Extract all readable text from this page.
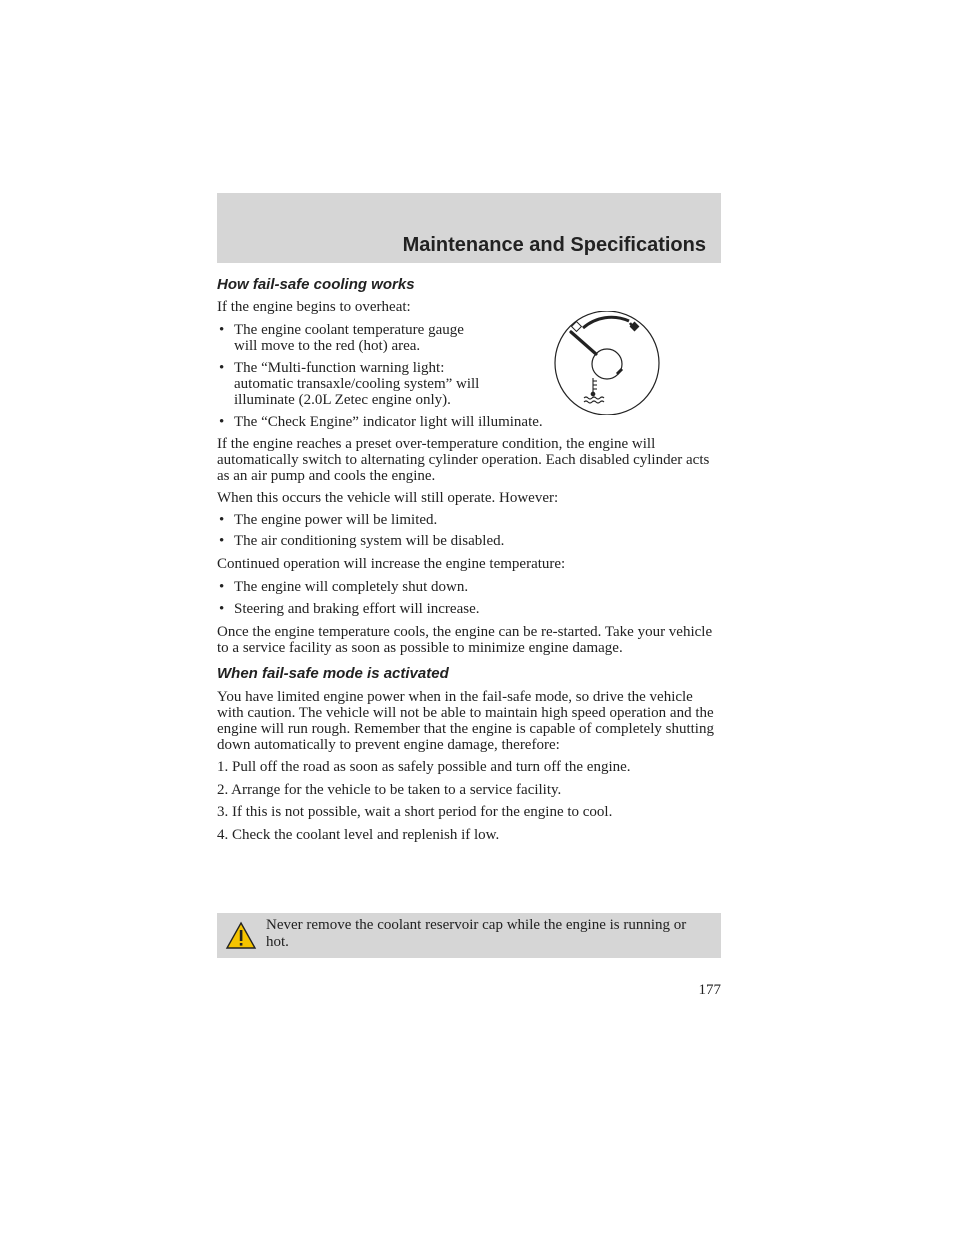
Maintenance and Specifications
How fail-safe cooling works

If the engine begins to overheat:

• The engine coolant temperature gauge will move to the red (hot) area.
• The “Multi-function warning light: automatic transaxle/cooling system” will illuminate (2.0L Zetec engine only).
• The “Check Engine” indicator light will illuminate.

If the engine reaches a preset over-temperature condition, the engine will automatically switch to alternating cylinder operation. Each disabled cylinder acts as an air pump and cools the engine.

When this occurs the vehicle will still operate. However:

• The engine power will be limited.
• The air conditioning system will be disabled.

Continued operation will increase the engine temperature:

• The engine will completely shut down.
• Steering and braking effort will increase.

Once the engine temperature cools, the engine can be re-started. Take your vehicle to a service facility as soon as possible to minimize engine damage.

When fail-safe mode is activated

You have limited engine power when in the fail-safe mode, so drive the vehicle with caution. The vehicle will not be able to maintain high speed operation and the engine will run rough. Remember that the engine is capable of completely shutting down automatically to prevent engine damage, therefore:

1. Pull off the road as soon as safely possible and turn off the engine.
2. Arrange for the vehicle to be taken to a service facility.
3. If this is not possible, wait a short period for the engine to cool.
4. Check the coolant level and replenish if low.
Never remove the coolant reservoir cap while the engine is running or hot.
177
